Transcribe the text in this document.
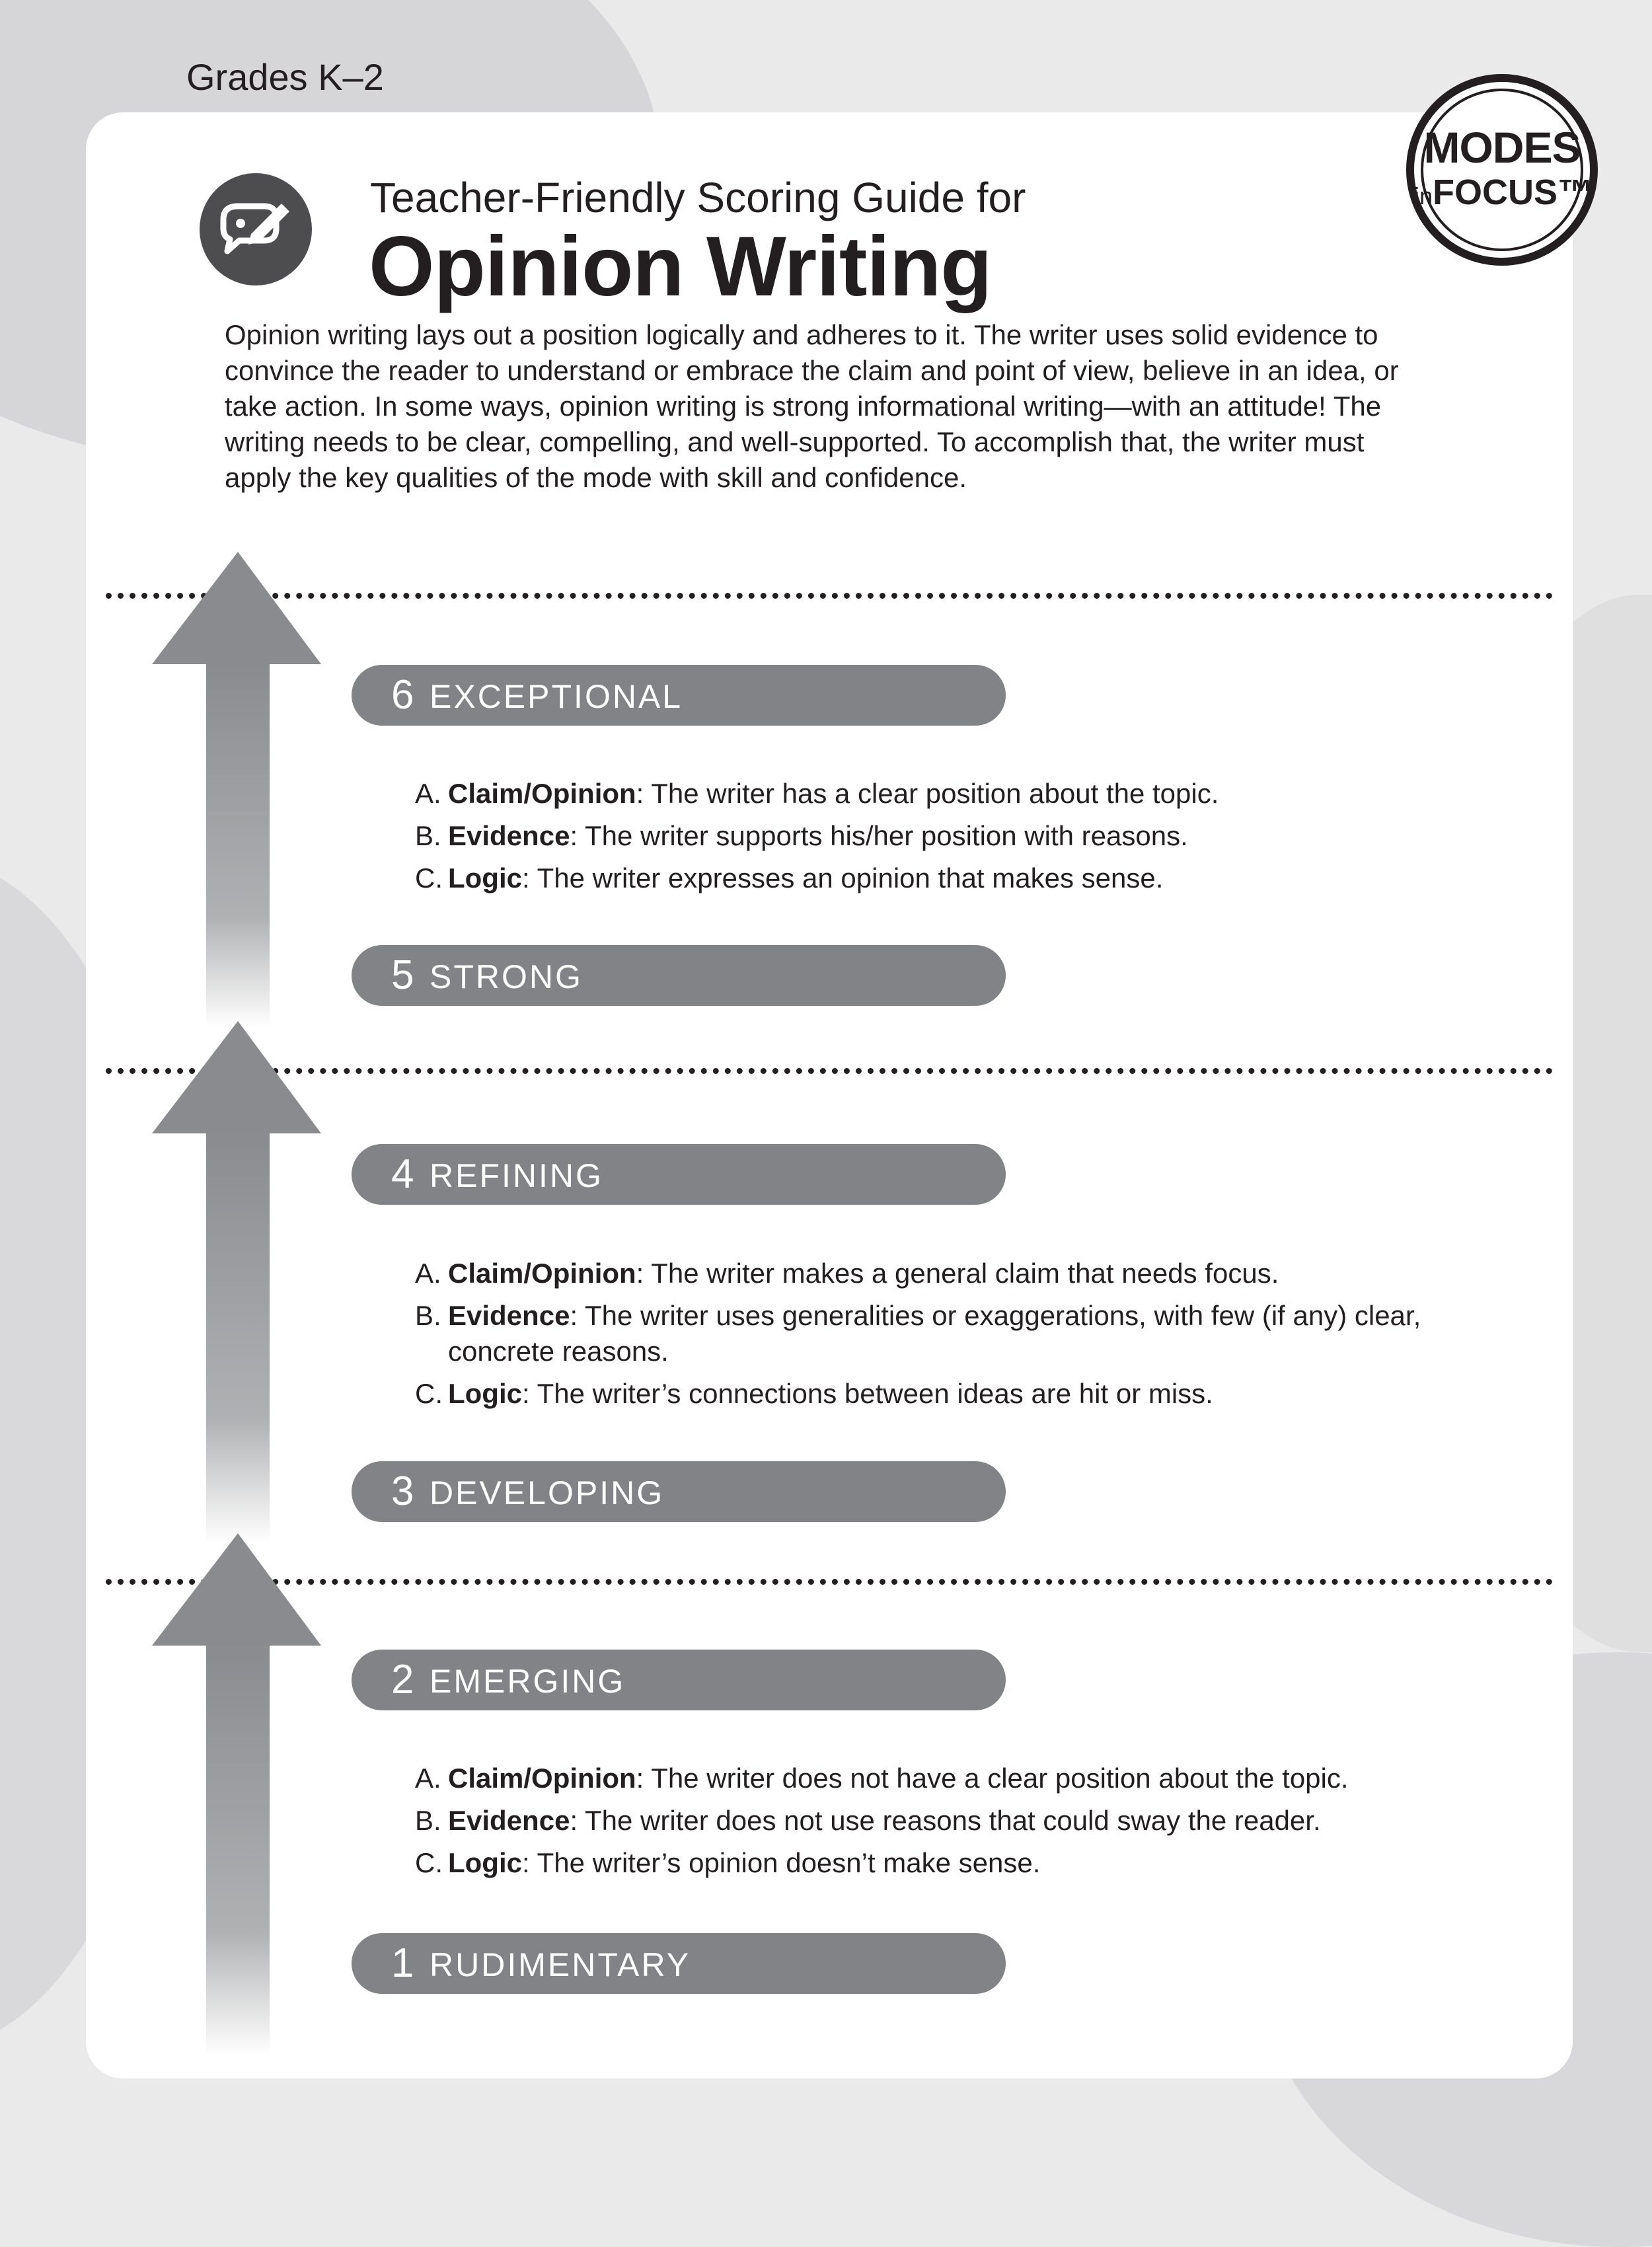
Grades K–2
MODES
inFOCUS™
Teacher-Friendly Scoring Guide for
Opinion Writing
Opinion writing lays out a position logically and adheres to it. The writer uses solid evidence to convince the reader to understand or embrace the claim and point of view, believe in an idea, or take action. In some ways, opinion writing is strong informational writing—with an attitude! The writing needs to be clear, compelling, and well-supported. To accomplish that, the writer must apply the key qualities of the mode with skill and confidence.
6 EXCEPTIONAL
5 STRONG
4 REFINING
3 DEVELOPING
2 EMERGING
1 RUDIMENTARY
A. Claim/Opinion: The writer has a clear position about the topic.
B. Evidence: The writer supports his/her position with reasons.
C. Logic: The writer expresses an opinion that makes sense.
A. Claim/Opinion: The writer makes a general claim that needs focus.
B. Evidence: The writer uses generalities or exaggerations, with few (if any) clear, concrete reasons.
C. Logic: The writer’s connections between ideas are hit or miss.
A. Claim/Opinion: The writer does not have a clear position about the topic.
B. Evidence: The writer does not use reasons that could sway the reader.
C. Logic: The writer’s opinion doesn’t make sense.
